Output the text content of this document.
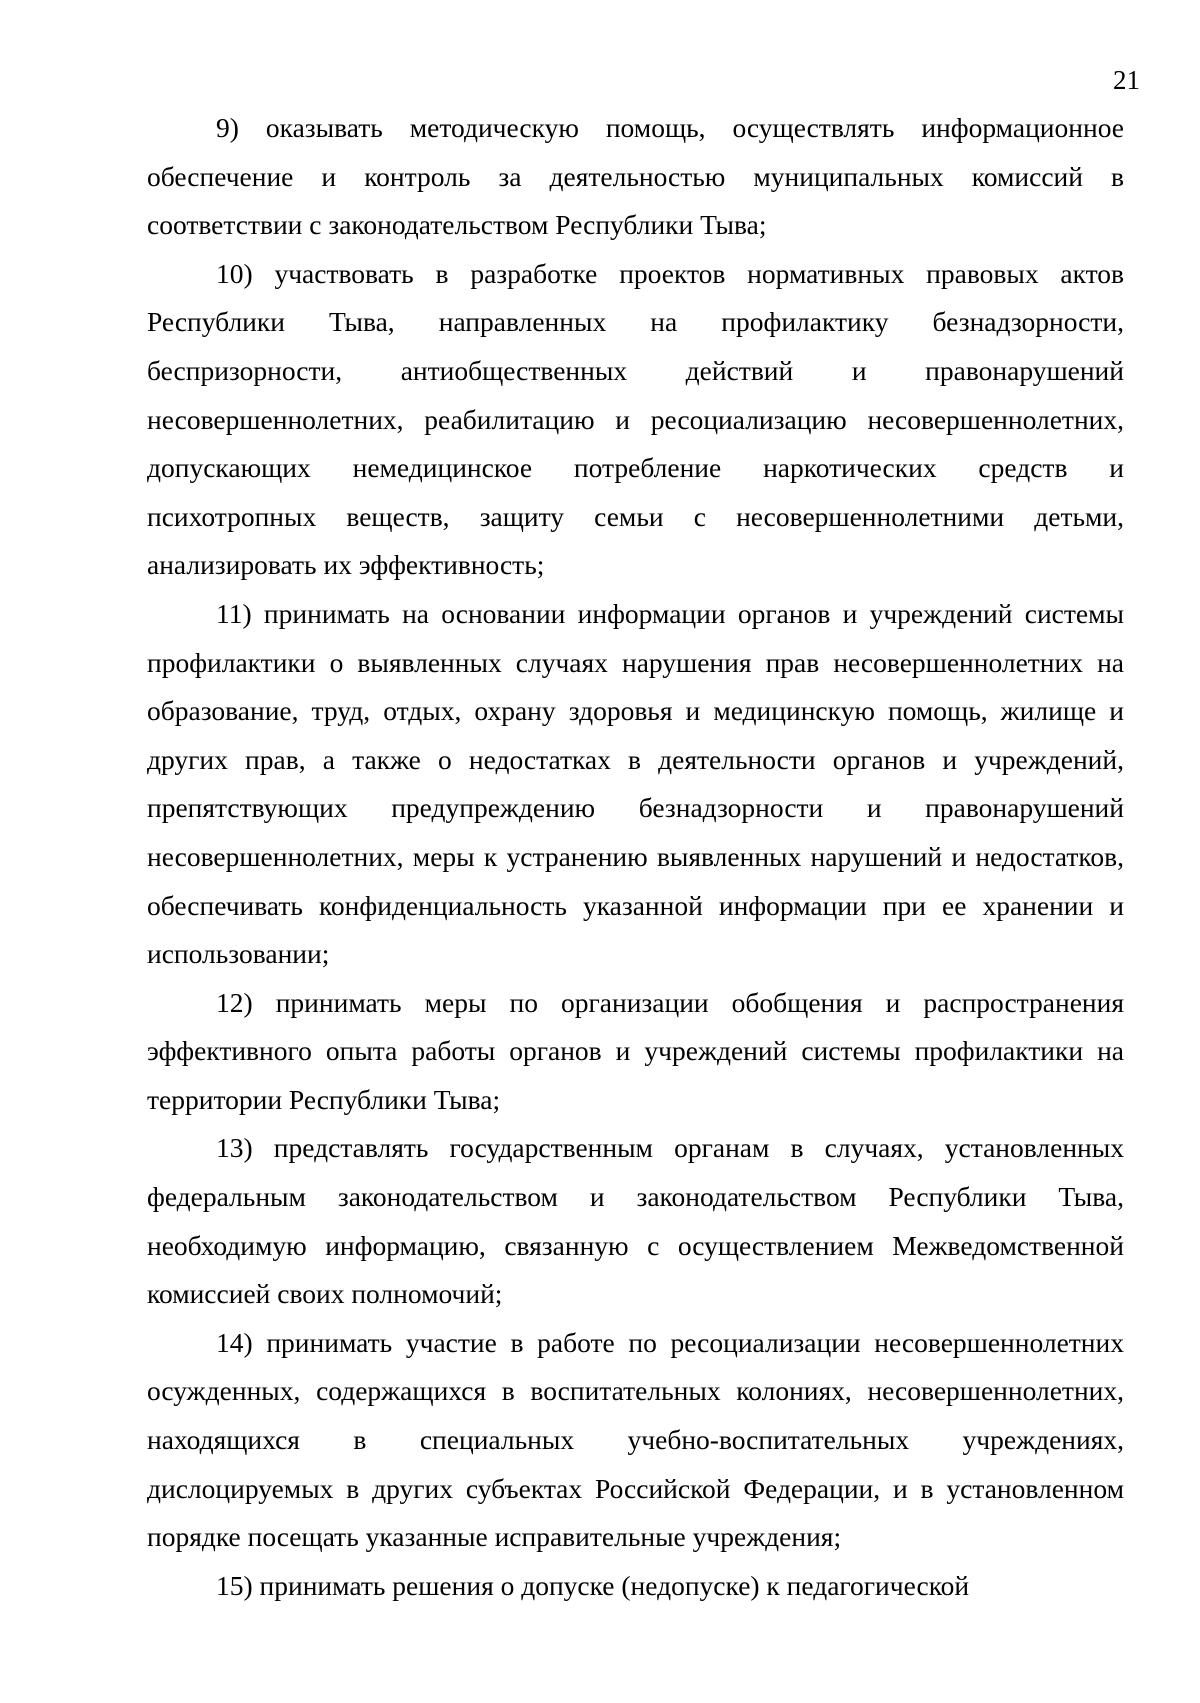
21

9) оказывать методическую помощь, осуществлять информационное обеспечение и контроль за деятельностью муниципальных комиссий в соответствии с законодательством Республики Тыва;

10) участвовать в разработке проектов нормативных правовых актов Республики Тыва, направленных на профилактику безнадзорности, беспризорности, антиобщественных действий и правонарушений несовершеннолетних, реабилитацию и ресоциализацию несовершеннолетних, допускающих немедицинское потребление наркотических средств и психотропных веществ, защиту семьи с несовершеннолетними детьми, анализировать их эффективность;

11) принимать на основании информации органов и учреждений системы профилактики о выявленных случаях нарушения прав несовершеннолетних на образование, труд, отдых, охрану здоровья и медицинскую помощь, жилище и других прав, а также о недостатках в деятельности органов и учреждений, препятствующих предупреждению безнадзорности и правонарушений несовершеннолетних, меры к устранению выявленных нарушений и недостатков, обеспечивать конфиденциальность указанной информации при ее хранении и использовании;

12) принимать меры по организации обобщения и распространения эффективного опыта работы органов и учреждений системы профилактики на территории Республики Тыва;

13) представлять государственным органам в случаях, установленных федеральным законодательством и законодательством Республики Тыва, необходимую информацию, связанную с осуществлением Межведомственной комиссией своих полномочий;

14) принимать участие в работе по ресоциализации несовершеннолетних осужденных, содержащихся в воспитательных колониях, несовершеннолетних, находящихся в специальных учебно-воспитательных учреждениях, дислоцируемых в других субъектах Российской Федерации, и в установленном порядке посещать указанные исправительные учреждения;

15) принимать решения о допуске (недопуске) к педагогической
